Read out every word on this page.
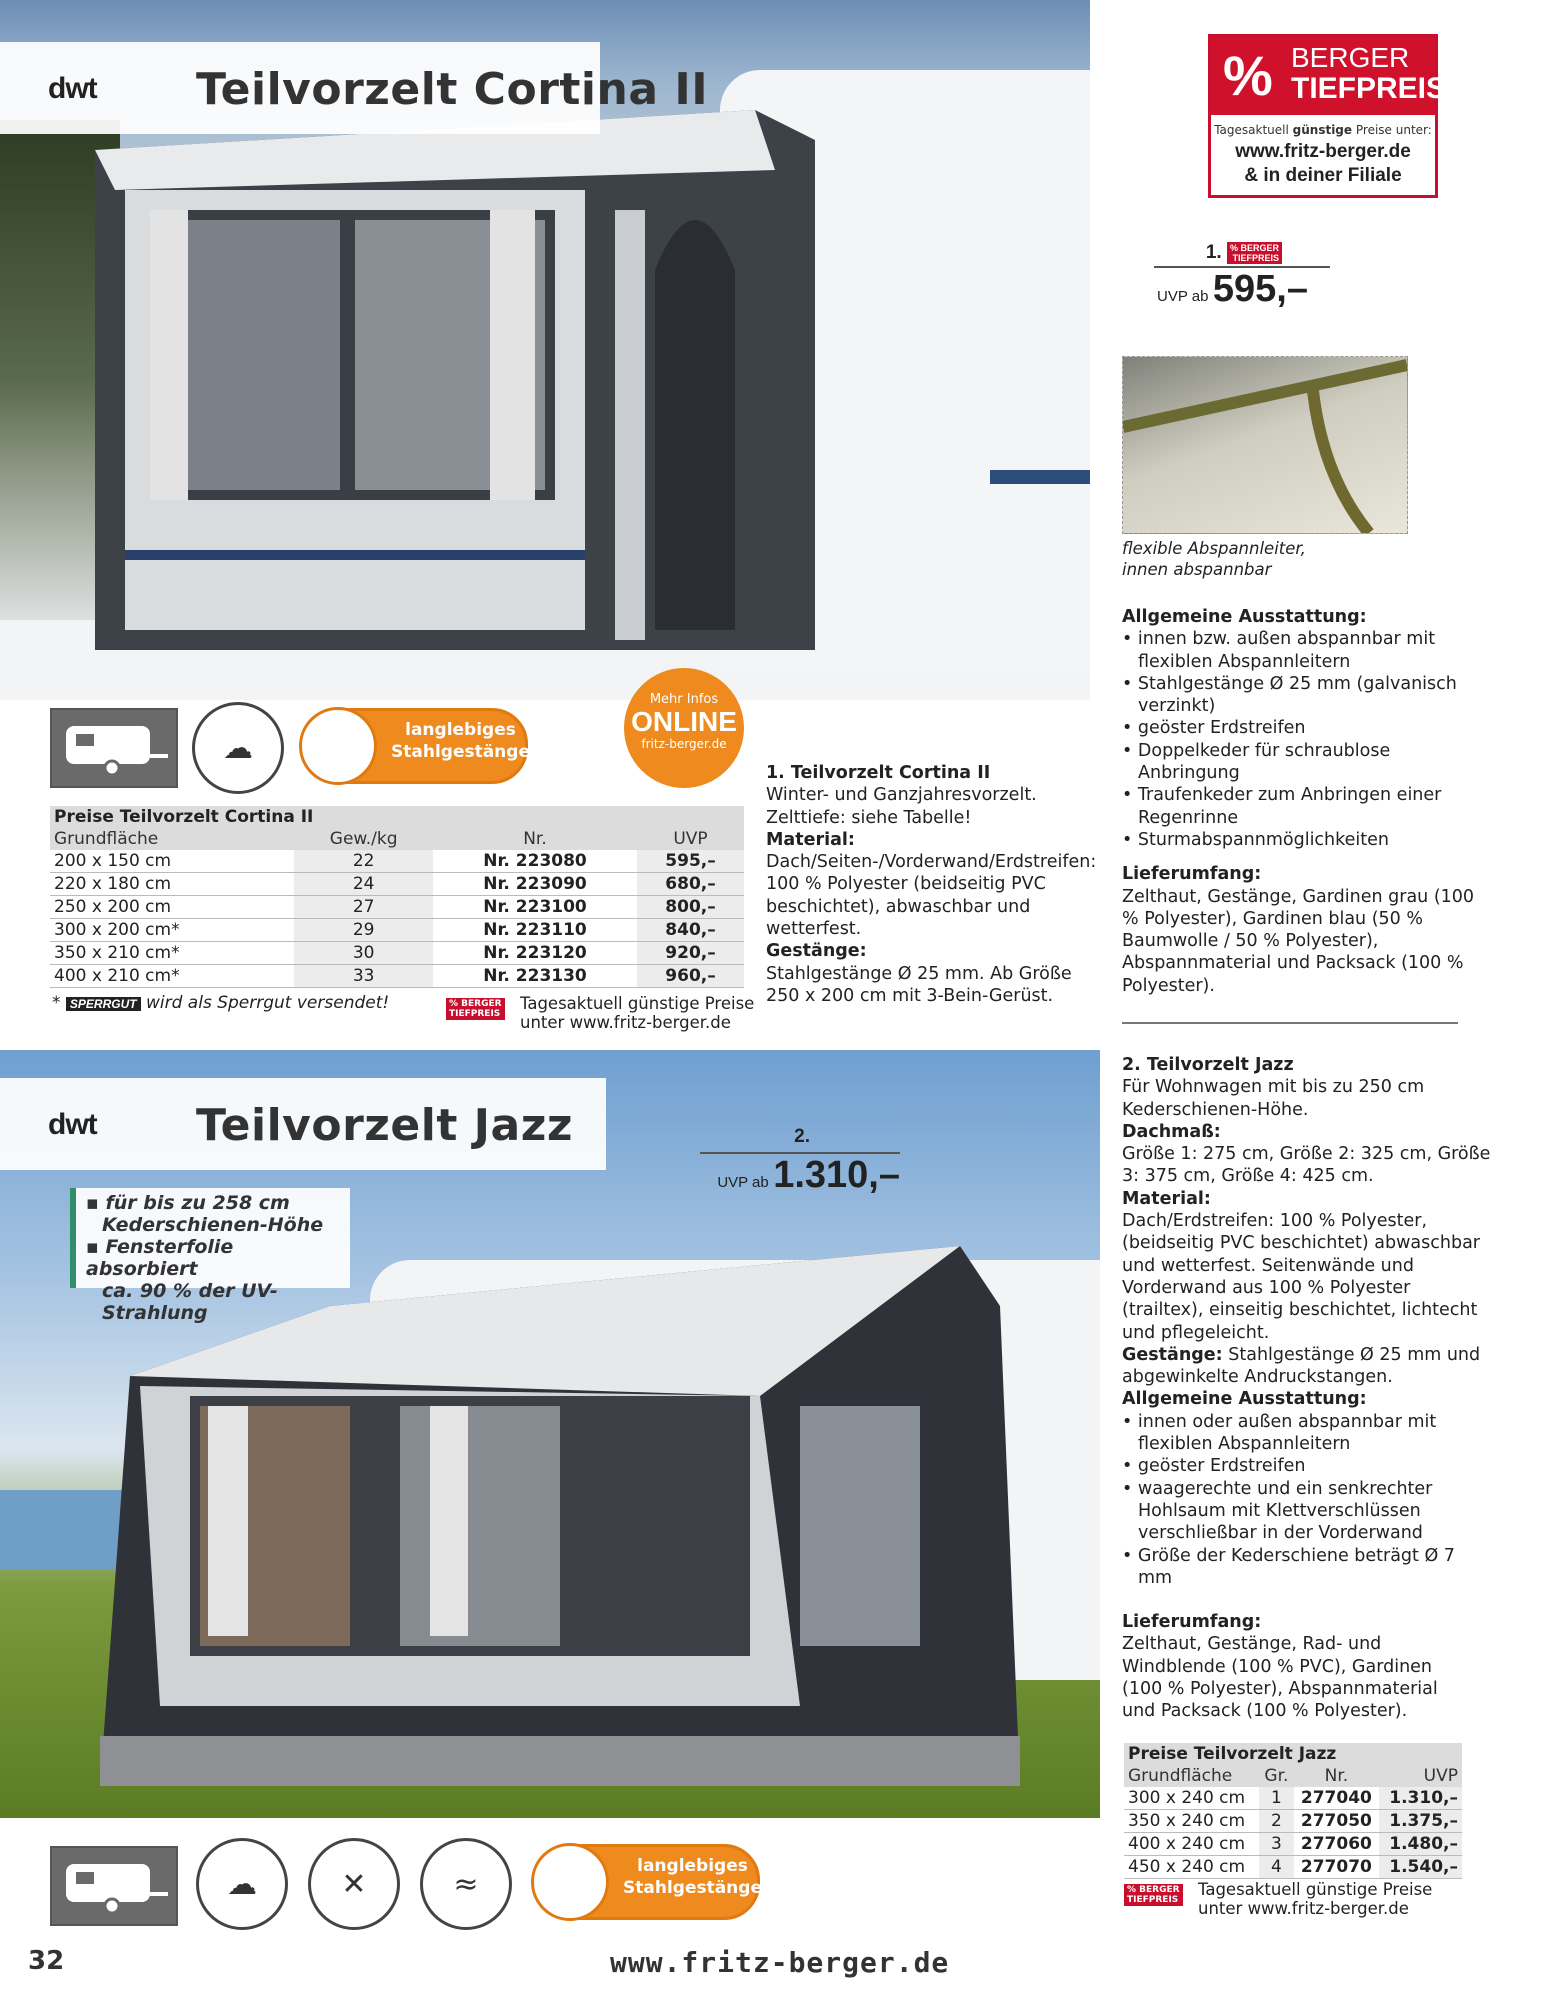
dwt Teilvorzelt Cortina II	% BERGER
TIEFPREIS
Tagesaktuell günstige Preise unter:
www.fritz-berger.de
& in deiner Filiale
1. % BERGER
TIEFPREIS
UVP ab 595,–
flexible Abspannleiter,
innen abspannbar
Allgemeine Ausstattung:
• innen bzw. außen abspannbar mit flexiblen Abspannleitern
• Stahlgestänge Ø 25 mm (galvanisch verzinkt)
• geöster Erdstreifen
• Doppelkeder für schraublose Anbringung
• Traufenkeder zum Anbringen einer Regenrinne
• Sturmabspannmöglichkeiten
Lieferumfang:
Zelthaut, Gestänge, Gardinen grau (100 % Polyester), Gardinen blau (50 % Baumwolle / 50 % Polyester), Abspannmaterial und Packsack (100 % Polyester).
☁
langlebiges
Stahlgestänge
Mehr Infos
ONLINE
fritz-berger.de
Preise Teilvorzelt Cortina II			
Grundfläche	Gew./kg	Nr.	UVP
200 x 150 cm	22	Nr. 223080	595,–
220 x 180 cm	24	Nr. 223090	680,–
250 x 200 cm	27	Nr. 223100	800,–
300 x 200 cm*	29	Nr. 223110	840,–
350 x 210 cm*	30	Nr. 223120	920,–
400 x 210 cm*	33	Nr. 223130	960,–
* SPERRGUT wird als Sperrgut versendet!	% BERGER
TIEFPREIS
Tagesaktuell günstige Preise
unter www.fritz-berger.de
1. Teilvorzelt Cortina II
Winter- und Ganzjahresvorzelt. Zelttiefe: siehe Tabelle!
Material:
Dach/Seiten-/Vorderwand/Erdstreifen: 100 % Polyester (beidseitig PVC beschichtet), abwaschbar und wetterfest.
Gestänge:
Stahlgestänge Ø 25 mm. Ab Größe 250 x 200 cm mit 3-Bein-Gerüst.
dwt Teilvorzelt Jazz
▪ für bis zu 258 cm
Kederschienen-Höhe
▪ Fensterfolie absorbiert
ca. 90 % der UV-Strahlung
2.
UVP ab 1.310,–
☁	✕	≈
langlebiges
Stahlgestänge
2. Teilvorzelt Jazz
Für Wohnwagen mit bis zu 250 cm Kederschienen-Höhe.
Dachmaß:
Größe 1: 275 cm, Größe 2: 325 cm, Größe 3: 375 cm, Größe 4: 425 cm.
Material:
Dach/Erdstreifen: 100 % Polyester, (beidseitig PVC beschichtet) abwaschbar und wetterfest. Seitenwände und Vorderwand aus 100 % Polyester (trailtex), einseitig beschichtet, lichtecht und pflegeleicht.
Gestänge: Stahlgestänge Ø 25 mm und abgewinkelte Andruckstangen.
Allgemeine Ausstattung:
• innen oder außen abspannbar mit flexiblen Abspannleitern
• geöster Erdstreifen
• waagerechte und ein senkrechter Hohlsaum mit Klettverschlüssen verschließbar in der Vorderwand
• Größe der Kederschiene beträgt Ø 7 mm
Lieferumfang:
Zelthaut, Gestänge, Rad- und Windblende (100 % PVC), Gardinen (100 % Polyester), Abspannmaterial und Packsack (100 % Polyester).
Preise Teilvorzelt Jazz			
Grundfläche	Gr.	Nr.	UVP
300 x 240 cm	1	277040	1.310,–
350 x 240 cm	2	277050	1.375,–
400 x 240 cm	3	277060	1.480,–
450 x 240 cm	4	277070	1.540,–
% BERGER
TIEFPREIS
Tagesaktuell günstige Preise
unter www.fritz-berger.de
32	www.fritz-berger.de
